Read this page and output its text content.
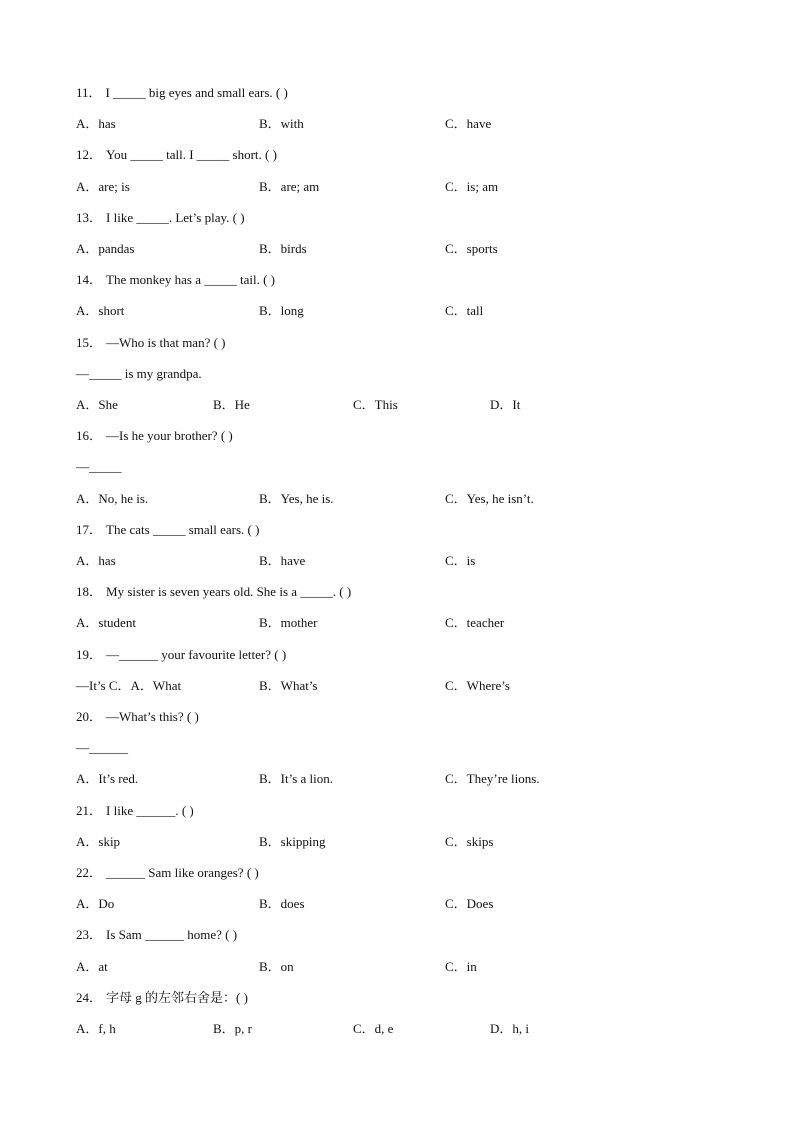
11． I _____ big eyes and small ears. ( )
A．has	B．with	C．have
12． You _____ tall. I _____ short. ( )
A．are; is	B．are; am	C．is; am
13． I like _____. Let’s play. ( )
A．pandas	B．birds	C．sports
14． The monkey has a _____ tail. ( )
A．short	B．long	C．tall
15． —Who is that man? ( )
—_____ is my grandpa.
A．She	B．He	C．This	D．It
16． —Is he your brother? ( )
—_____
A．No, he is.	B．Yes, he is.	C．Yes, he isn’t.
17． The cats _____ small ears. ( )
A．has	B．have	C．is
18． My sister is seven years old. She is a _____. ( )
A．student	B．mother	C．teacher
19． —______ your favourite letter? ( )
—It’s C．A．What	B．What’s	C．Where’s
20． —What’s this? ( )
—______
A．It’s red.	B．It’s a lion.	C．They’re lions.
21． I like ______. ( )
A．skip	B．skipping	C．skips
22． ______ Sam like oranges? ( )
A．Do	B．does	C．Does
23． Is Sam ______ home? ( )
A．at	B．on	C．in
24． 字母 g 的左邻右舍是：( )
A．f, h	B．p, r	C．d, e	D．h, i
